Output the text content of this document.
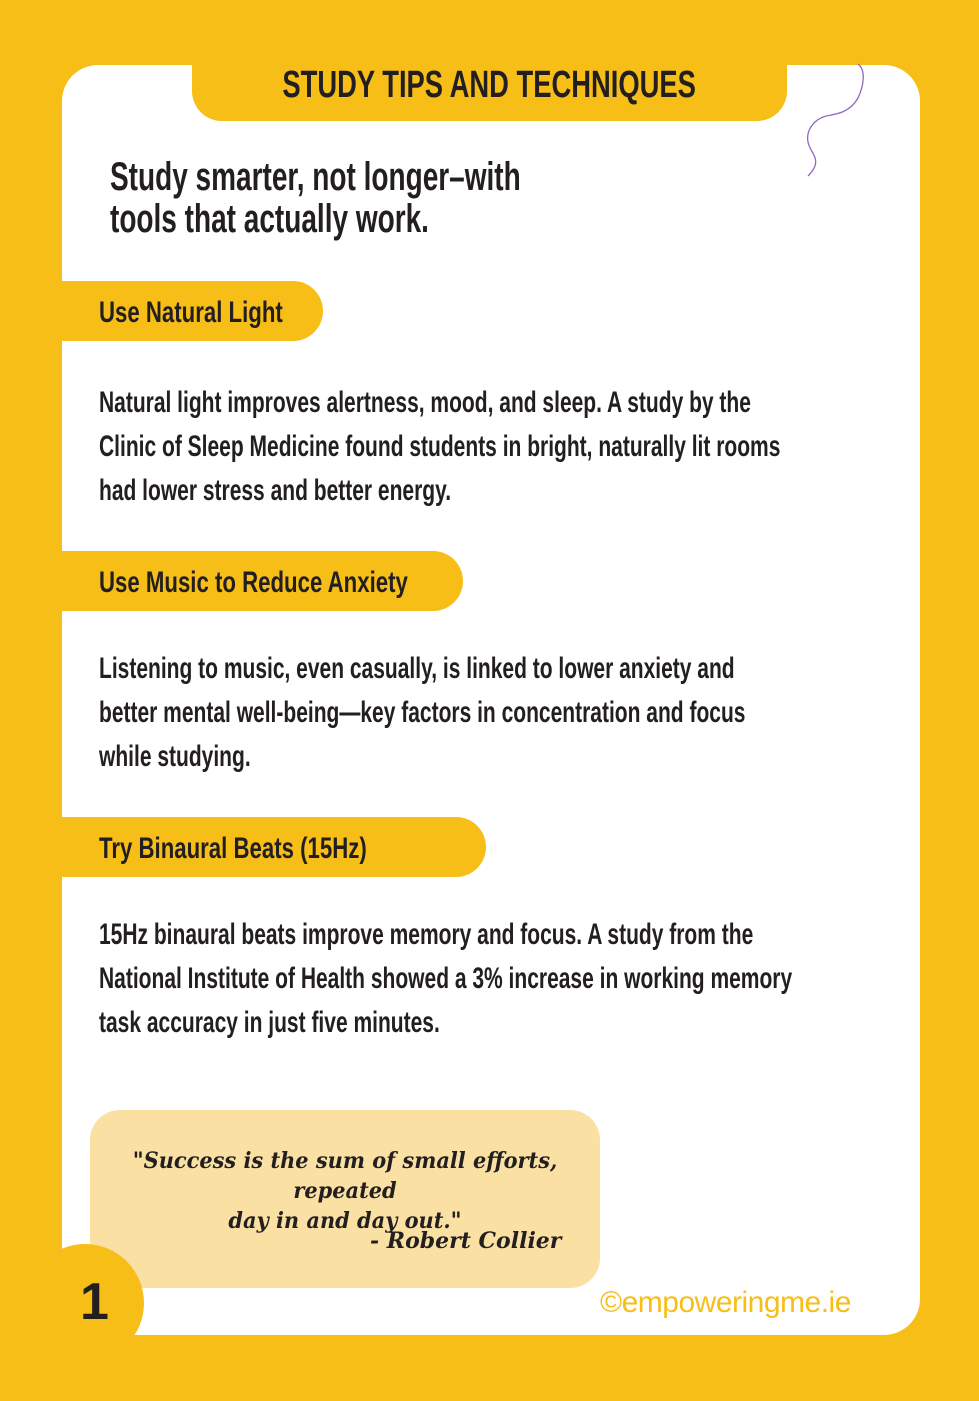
STUDY TIPS AND TECHNIQUES
Study smarter, not longer–with
tools that actually work.
Use Natural Light
Natural light improves alertness, mood, and sleep. A study by the
Clinic of Sleep Medicine found students in bright, naturally lit rooms
had lower stress and better energy.
Use Music to Reduce Anxiety
Listening to music, even casually, is linked to lower anxiety and
better mental well-being—key factors in concentration and focus
while studying.
Try Binaural Beats (15Hz)
15Hz binaural beats improve memory and focus. A study from the
National Institute of Health showed a 3% increase in working memory
task accuracy in just five minutes.
"Success is the sum of small efforts, repeated
day in and day out."
- Robert Collier
1	©empoweringme.ie
